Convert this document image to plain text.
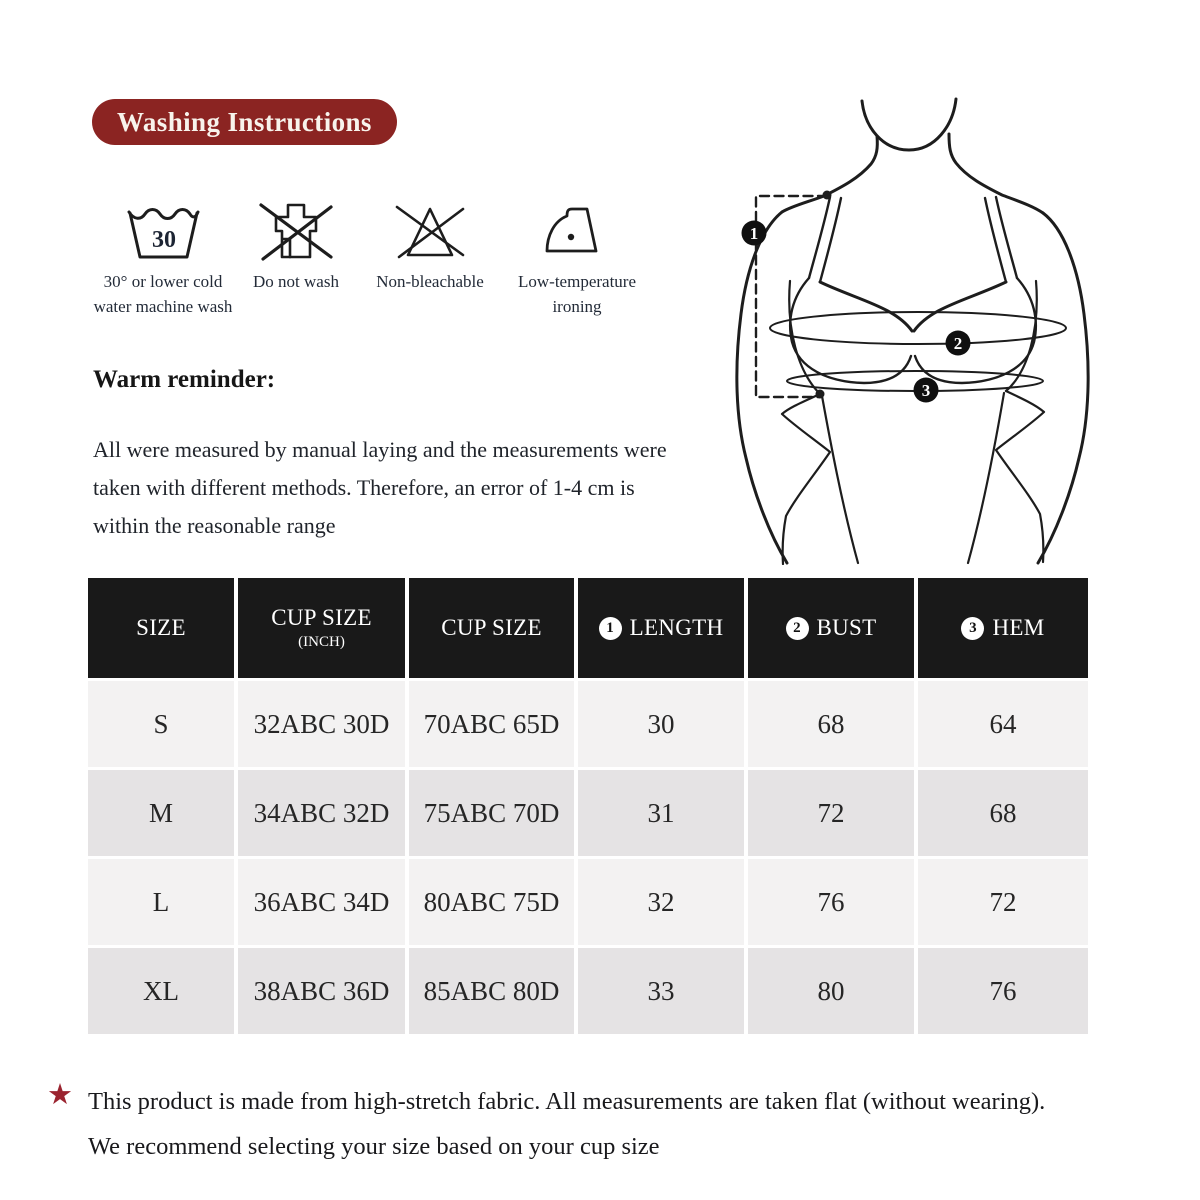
Washing Instructions
30
30° or lower cold
water machine wash
Do not wash	Non-bleachable	Low-temperature
ironing
Warm reminder:
All were measured by manual laying and the measurements were
taken with different methods. Therefore, an error of 1-4 cm is
within the reasonable range
1
2
3
SIZE	CUP SIZE
(INCH)
CUP SIZE	1 LENGTH	2 BUST	3 HEM
S	32ABC 30D	70ABC 65D	30	68	64
M	34ABC 32D	75ABC 70D	31	72	68
L	36ABC 34D	80ABC 75D	32	76	72
XL	38ABC 36D	85ABC 80D	33	80	76
★ This product is made from high-stretch fabric. All measurements are taken flat (without wearing).
We recommend selecting your size based on your cup size
